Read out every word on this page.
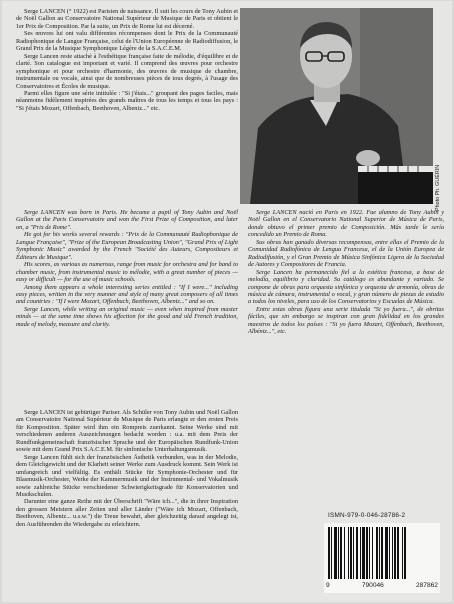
Serge LANCEN (° 1922) est Parisien de naissance. Il suit les cours de Tony Aubin et de Noël Gallon au Conservatoire National Supérieur de Musique de Paris et obtient le 1er Prix de Composition. Par la suite, un Prix de Rome lui est décerné.

Ses œuvres lui ont valu différentes récompenses dont le Prix de la Communauté Radiophonique de Langue Française, celui de l'Union Européenne de Radiodiffusion, le Grand Prix de la Musique Symphonique Légère de la S.A.C.E.M.

Serge Lancen reste attaché à l'esthétique française faite de mélodie, d'équilibre et de clarté. Son catalogue est important et varié. Il comprend des œuvres pour orchestre symphonique et pour orchestre d'harmonie, des œuvres de musique de chambre, instrumentale ou vocale, ainsi que de nombreuses pièces de tous degrés, à l'usage des Conservatoires et Écoles de musique.

Parmi elles figure une série intitulée : "Si j'étais..." groupant des pages faciles, mais néanmoins fidèlement inspirées des grands maîtres de tous les temps et tous les pays : "Si j'étais Mozart, Offenbach, Beethoven, Albeniz..." etc.

Photo Ph. GUÉRIN

Serge LANCEN was born in Paris. He became a pupil of Tony Aubin and Noël Gallon at the Paris Conservatoire and won the First Prize of Composition, and later on, a "Prix de Rome".

He got for his works several rewards : "Prix de la Communauté Radiophonique de Langue Française", "Prize of the European Broadcasting Union", "Grand Prix of Light Symphonic Music" awarded by the French "Société des Auteurs, Compositeurs et Éditeurs de Musique".

His scores, as various as numerous, range from music for orchestra and for band to chamber music, from instrumental music to mélodie, with a great number of pieces — easy or difficult — for the use of music schools.

Among them appears a whole interesting series entitled : "If I were..." including easy pieces, written in the very manner and style of many great composers of all times and countries : "If I were Mozart, Offenbach, Beethoven, Albeniz..." and so on.

Serge Lancen, while writing an original music — even when inspired from master minds — at the same time shows his affection for the good and old French tradition, made of melody, measure and clarity.

Serge LANCEN nació en Paris en 1922. Fue alumno de Tony Aubin y Noël Gallon en el Conservatorio National Superior de Música de Paris, donde obtuvo el primer premio de Composición. Más tarde le sería concedido un Premio de Roma.

Sus obras han ganado diversas recompensas, entre ellas el Premio de la Comunidad Radiofónica de Lengua Francesa, el de la Unión Europea de Radiodifusión, y el Gran Premio de Música Sinfónica Ligera de la Sociedad de Autores y Compositores de Francia.

Serge Lancen ha permanecido fiel a la estética francesa, a base de melodía, equilibrio y claridad. Su catálogo es abundante y variado. Se compone de obras para orquesta sinfónica y orquesta de armonía, obras de música de cámara, instrumental o vocal, y gran número de piezas de estudio a todos los niveles, para uso de los Conservatorios y Escuelas de Música.

Entre estas obras figura una serie titulada "Si yo fuera...", de obritas fáciles, que sin embargo se inspiran con gran fidelidad en los grandes maestros de todos los países : "Si yo fuera Mozart, Offenbach, Beethoven, Albéniz...", etc.

Serge LANCEN ist gebürtiger Pariser. Als Schüler von Tony Aubin und Noël Gallon am Conservatoire National Supérieur de Musique de Paris erlangte er den ersten Preis für Komposition. Später wird ihm ein Rompreis zuerkannt. Seine Werke sind mit verschiedenen anderen Auszeichnungen bedacht worden : u.a. mit dem Preis der Rundfunkgemeinschaft französischer Sprache und der Europäischen Rundfunk-Union sowie mit dem Grand Prix S.A.C.E.M. für sinfonische Unterhaltungsmusik.

Serge Lancen fühlt sich der französischen Ästhetik verbunden, was in der Melodie, dem Gleichgewicht und der Klarheit seiner Werke zum Ausdruck kommt. Sein Werk ist umfangreich und vielfältig. Es enthält Stücke für Symphonie-Orchester und für Blasmusik-Orchester, Werke der Kammermusik und der Instrumental- und Vokalmusik sowie zahlreiche Stücke verschiedener Schwierigkeitsgrade für Konservatorien und Musikschulen.

Darunter eine ganze Reihe mit der Überschrift "Wäre ich...", die in ihrer Inspiration den grossen Meistern aller Zeiten und aller Länder ("Wäre ich Mozart, Offenbach, Beethoven, Albeniz... u.s.w.") die Treue bewahrt, aber gleichzeitig darauf angelegt ist, den Ausführenden die Wiedergabe zu erleichtern.

ISMN-979-0-046-28786-2
9	790046	287862
